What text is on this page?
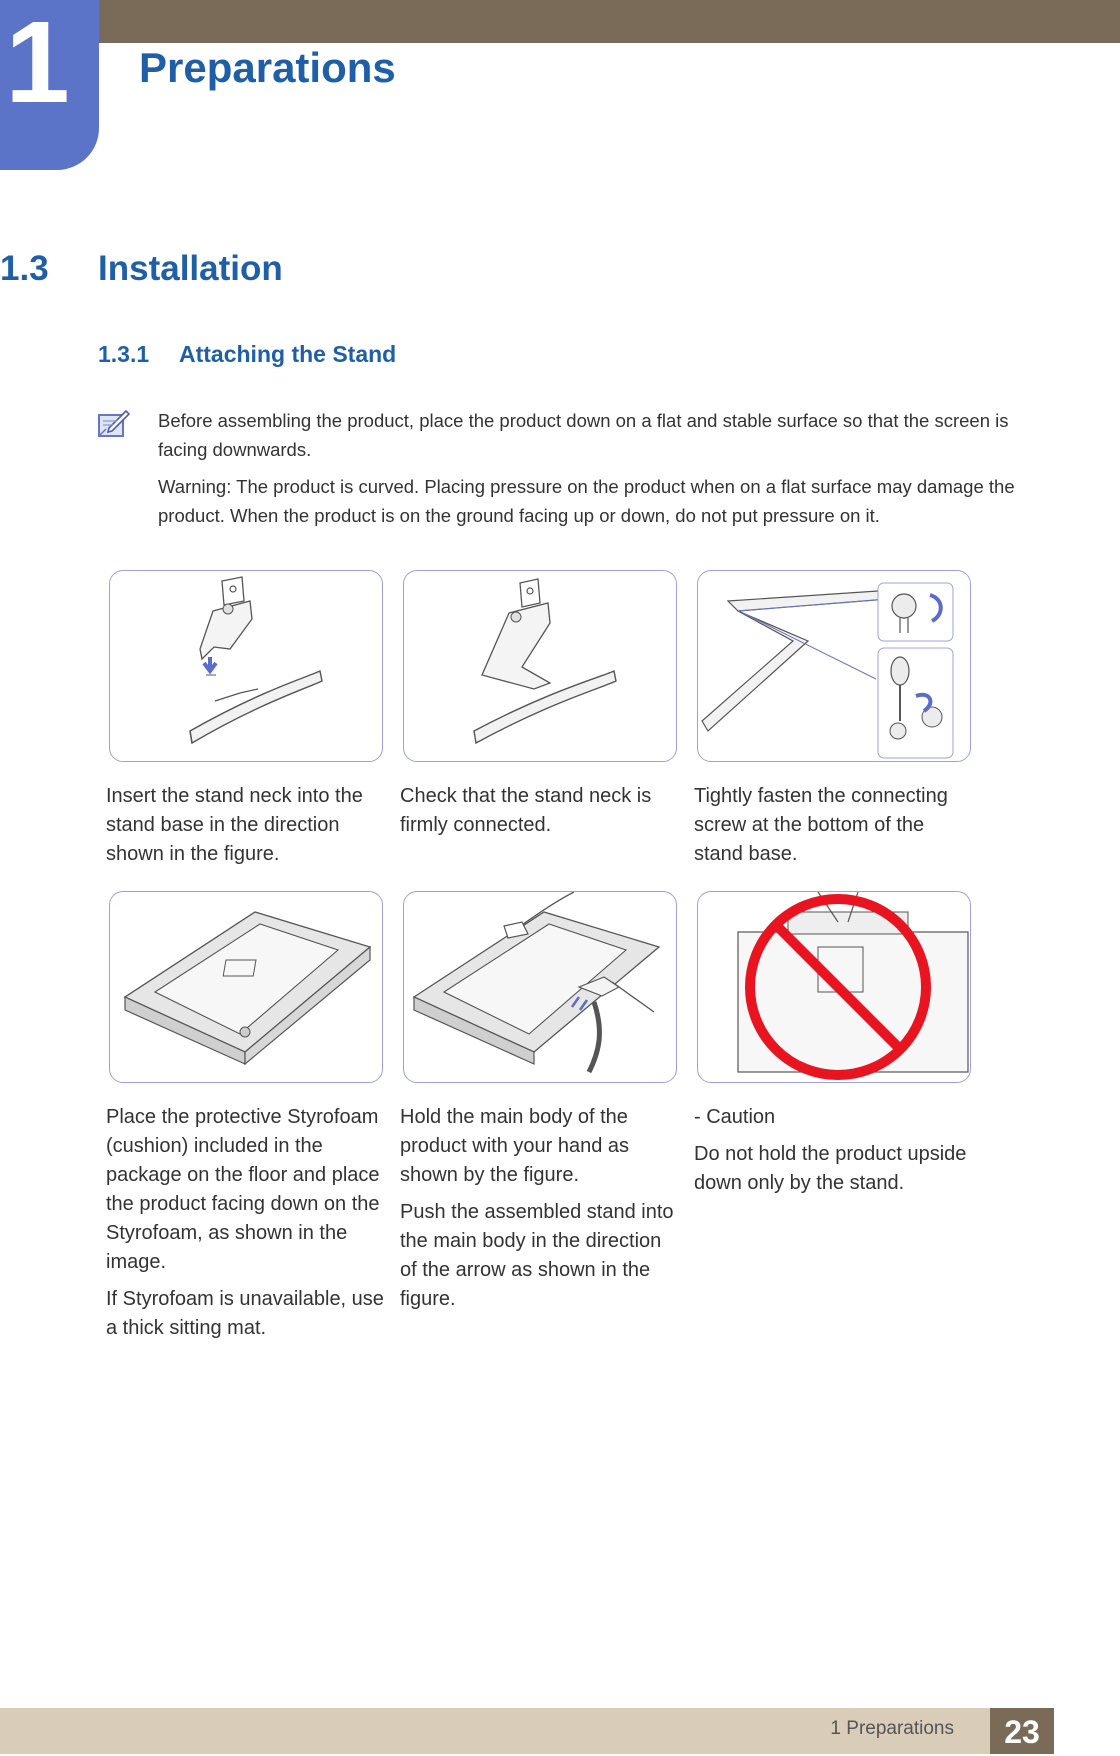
1 Preparations
1.3 Installation
1.3.1 Attaching the Stand

Before assembling the product, place the product down on a flat and stable surface so that the screen is facing downwards.

Warning: The product is curved. Placing pressure on the product when on a flat surface may damage the product. When the product is on the ground facing up or down, do not put pressure on it.

Insert the stand neck into the stand base in the direction shown in the figure.

Check that the stand neck is firmly connected.

Tightly fasten the connecting screw at the bottom of the stand base.

Place the protective Styrofoam (cushion) included in the package on the floor and place the product facing down on the Styrofoam, as shown in the image.

If Styrofoam is unavailable, use a thick sitting mat.

Hold the main body of the product with your hand as shown by the figure.

Push the assembled stand into the main body in the direction of the arrow as shown in the figure.

- Caution

Do not hold the product upside down only by the stand.

1 Preparations	23
